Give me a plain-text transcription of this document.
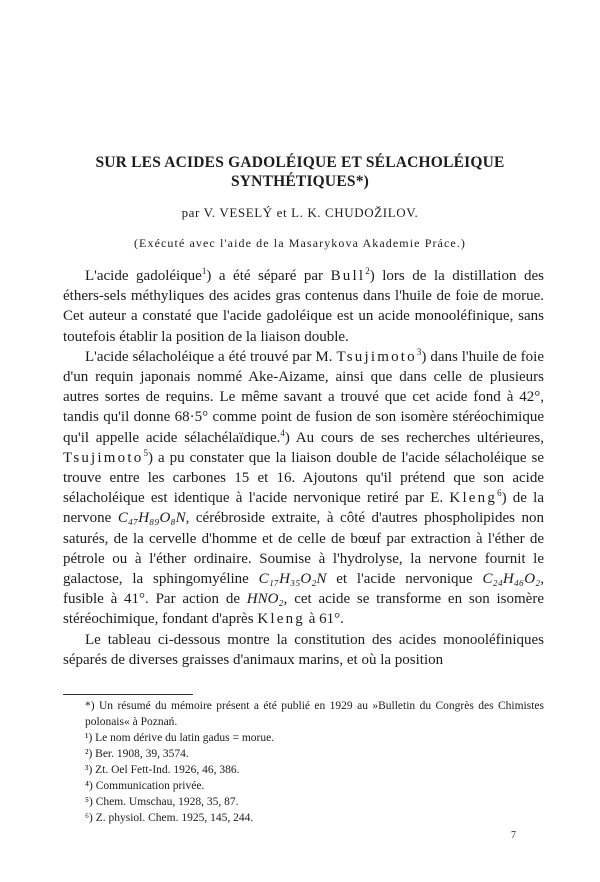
SUR LES ACIDES GADOLÉIQUE ET SÉLACHOLÉIQUE
SYNTHÉTIQUES*)
par V. VESELÝ et L. K. CHUDOŽILOV.
(Exécuté avec l'aide de la Masarykova Akademie Práce.)

L'acide gadoléique$^1$) a été séparé par Bull$^2$) lors de la distillation des éthers-sels méthyliques des acides gras contenus dans l'huile de foie de morue. Cet auteur a constaté que l'acide gadoléique est un acide monooléfinique, sans toutefois établir la position de la liaison double.

L'acide sélacholéique a été trouvé par M. Tsujimoto$^3$) dans l'huile de foie d'un requin japonais nommé Ake-Aizame, ainsi que dans celle de plusieurs autres sortes de requins. Le même savant a trouvé que cet acide fond à 42°, tandis qu'il donne 68·5° comme point de fusion de son isomère stéréochimique qu'il appelle acide sélachélaïdique.$^4$) Au cours de ses recherches ultérieures, Tsujimoto$^5$) a pu constater que la liaison double de l'acide sélacholéique se trouve entre les carbones 15 et 16. Ajoutons qu'il prétend que son acide sélacholéique est identique à l'acide nervonique retiré par E. Kleng$^6$) de la nervone C₄₇H₈₉O₈N, cérébroside extraite, à côté d'autres phospholipides non saturés, de la cervelle d'homme et de celle de bœuf par extraction à l'éther de pétrole ou à l'éther ordinaire. Soumise à l'hydrolyse, la nervone fournit le galactose, la sphingomyéline C₁₇H₃₅O₂N et l'acide nervonique C₂₄H₄₆O₂, fusible à 41°. Par action de HNO₂, cet acide se transforme en son isomère stéréochimique, fondant d'après Kleng à 61°.

Le tableau ci-dessous montre la constitution des acides monooléfiniques séparés de diverses graisses d'animaux marins, et où la position

*) Un résumé du mémoire présent a été publié en 1929 au »Bulletin du Congrès des Chimistes polonais« à Poznań.

¹) Le nom dérive du latin gadus = morue.

²) Ber. 1908, 39, 3574.

³) Zt. Oel Fett-Ind. 1926, 46, 386.

⁴) Communication privée.

⁵) Chem. Umschau, 1928, 35, 87.

⁶) Z. physiol. Chem. 1925, 145, 244.

7
